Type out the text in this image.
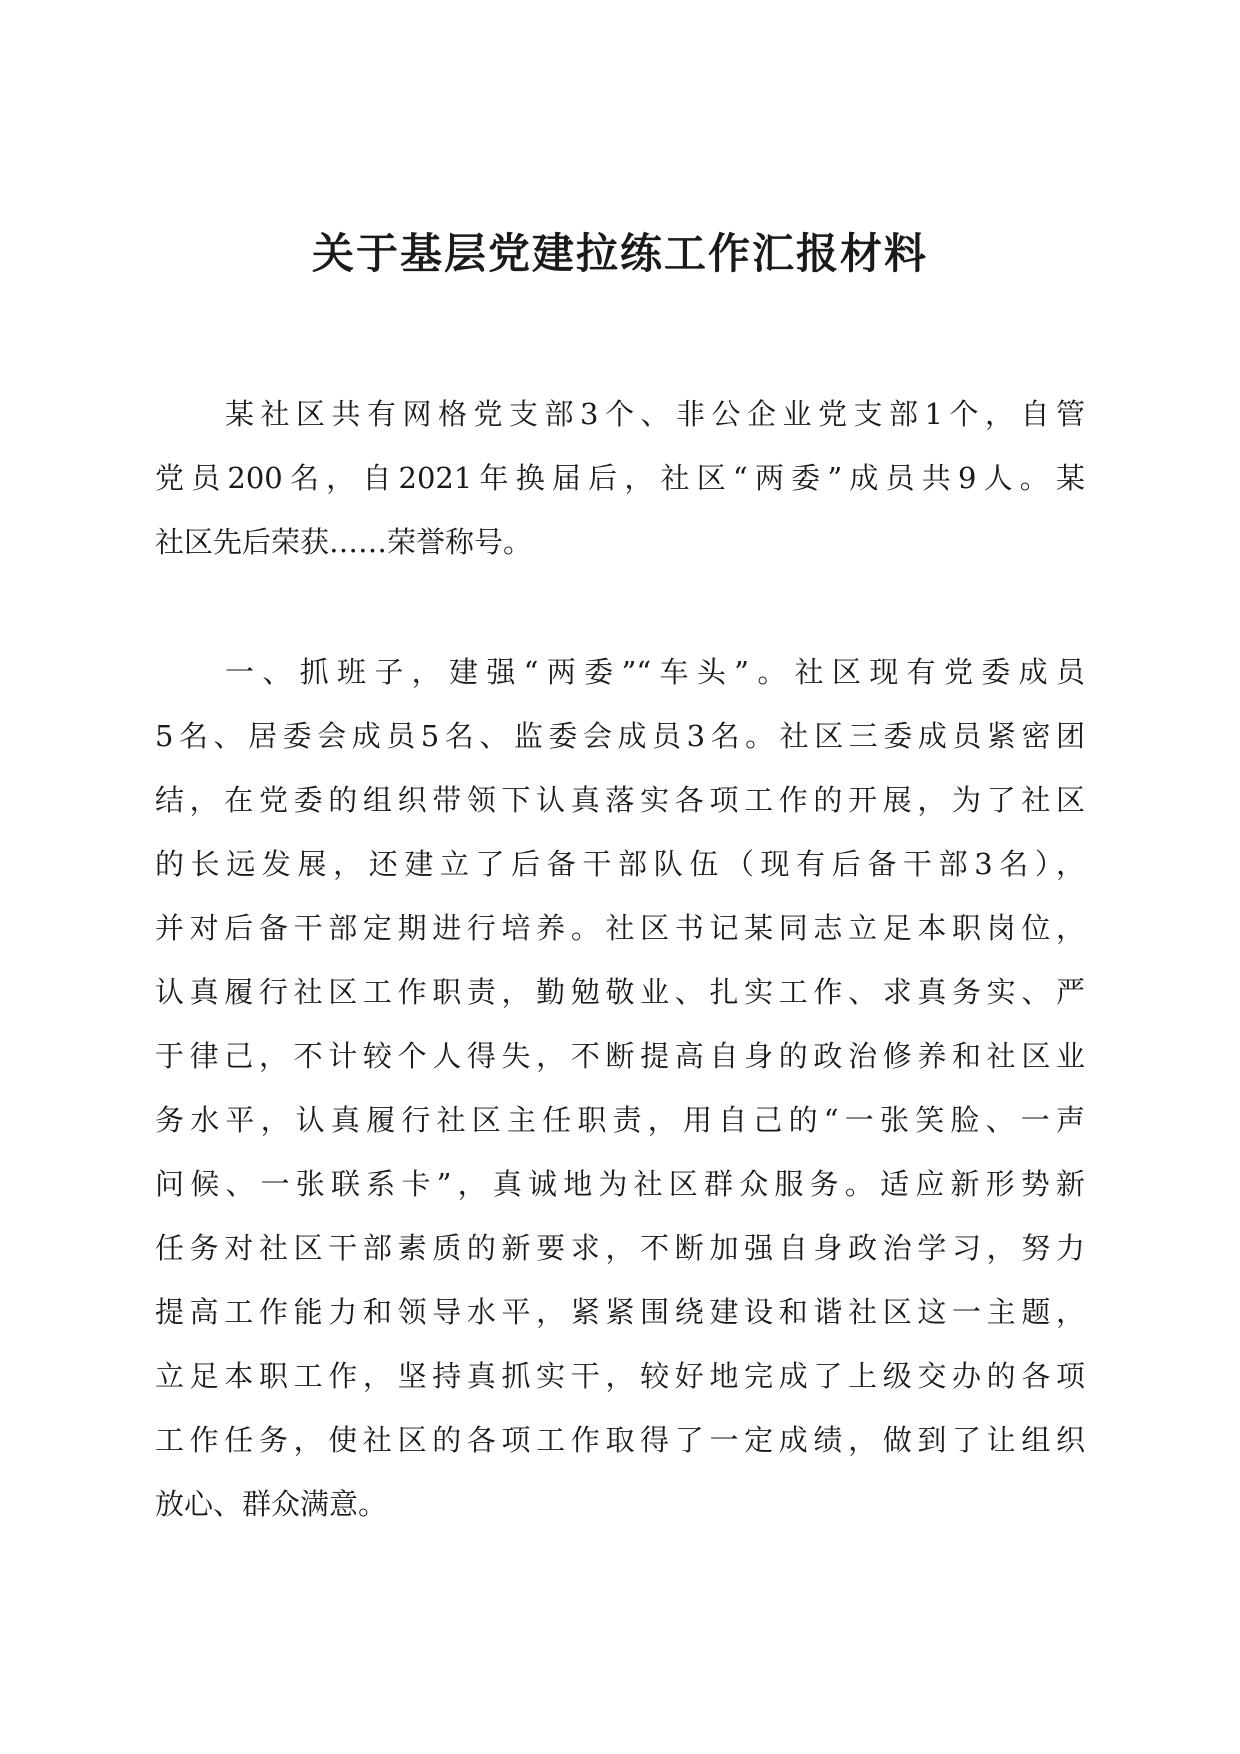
关于基层党建拉练工作汇报材料
某社区共有网格党支部3个、非公企业党支部1个，自管
党员200名，自2021年换届后，社区“两委”成员共9人。某
社区先后荣获……荣誉称号。
一、抓班子，建强“两委”“车头”。社区现有党委成员
5名、居委会成员5名、监委会成员3名。社区三委成员紧密团
结，在党委的组织带领下认真落实各项工作的开展，为了社区
的长远发展，还建立了后备干部队伍（现有后备干部3名），
并对后备干部定期进行培养。社区书记某同志立足本职岗位，
认真履行社区工作职责，勤勉敬业、扎实工作、求真务实、严
于律己，不计较个人得失，不断提高自身的政治修养和社区业
务水平，认真履行社区主任职责，用自己的“一张笑脸、一声
问候、一张联系卡”，真诚地为社区群众服务。适应新形势新
任务对社区干部素质的新要求，不断加强自身政治学习，努力
提高工作能力和领导水平，紧紧围绕建设和谐社区这一主题，
立足本职工作，坚持真抓实干，较好地完成了上级交办的各项
工作任务，使社区的各项工作取得了一定成绩，做到了让组织
放心、群众满意。
